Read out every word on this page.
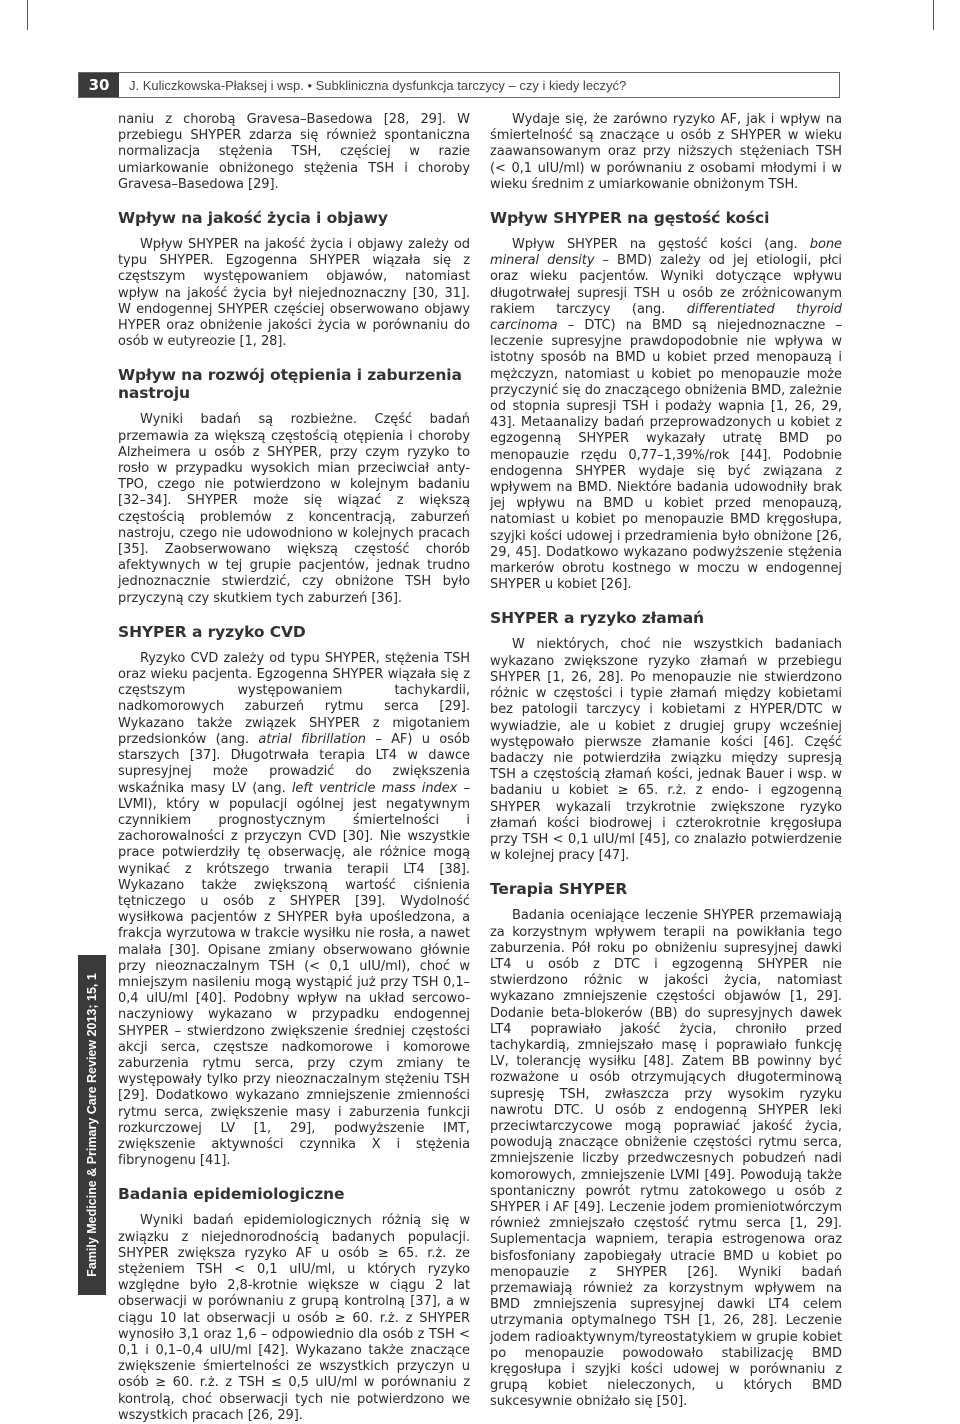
30	J. Kuliczkowska-Płaksej i wsp. • Subkliniczna dysfunkcja tarczycy – czy i kiedy leczyć?
Family Medicine & Primary Care Review 2013; 15, 1

naniu z chorobą Gravesa–Basedowa [28, 29]. W przebiegu SHYPER zdarza się również spontaniczna normalizacja stężenia TSH, częściej w razie umiarkowanie obniżonego stężenia TSH i choroby Gravesa–Basedowa [29].

Wpływ na jakość życia i objawy

Wpływ SHYPER na jakość życia i objawy zależy od typu SHYPER. Egzogenna SHYPER wiązała się z częstszym występowaniem objawów, natomiast wpływ na jakość życia był niejednoznaczny [30, 31]. W endogennej SHYPER częściej obserwowano objawy HYPER oraz obniżenie jakości życia w porównaniu do osób w eutyreozie [1, 28].

Wpływ na rozwój otępienia i zaburzenia nastroju

Wyniki badań są rozbieżne. Część badań przemawia za większą częstością otępienia i choroby Alzheimera u osób z SHYPER, przy czym ryzyko to rosło w przypadku wysokich mian przeciwciał anty-TPO, czego nie potwierdzono w kolejnym badaniu [32–34]. SHYPER może się wiązać z większą częstością problemów z koncentracją, zaburzeń nastroju, czego nie udowodniono w kolejnych pracach [35]. Zaobserwowano większą częstość chorób afektywnych w tej grupie pacjentów, jednak trudno jednoznacznie stwierdzić, czy obniżone TSH było przyczyną czy skutkiem tych zaburzeń [36].

SHYPER a ryzyko CVD

Ryzyko CVD zależy od typu SHYPER, stężenia TSH oraz wieku pacjenta. Egzogenna SHYPER wiązała się z częstszym występowaniem tachykardii, nadkomorowych zaburzeń rytmu serca [29]. Wykazano także związek SHYPER z migotaniem przedsionków (ang. atrial fibrillation – AF) u osób starszych [37]. Długotrwała terapia LT4 w dawce supresyjnej może prowadzić do zwiększenia wskaźnika masy LV (ang. left ventricle mass index – LVMI), który w populacji ogólnej jest negatywnym czynnikiem prognostycznym śmiertelności i zachorowalności z przyczyn CVD [30]. Nie wszystkie prace potwierdziły tę obserwację, ale różnice mogą wynikać z krótszego trwania terapii LT4 [38]. Wykazano także zwiększoną wartość ciśnienia tętniczego u osób z SHYPER [39]. Wydolność wysiłkowa pacjentów z SHYPER była upośledzona, a frakcja wyrzutowa w trakcie wysiłku nie rosła, a nawet malała [30]. Opisane zmiany obserwowano głównie przy nieoznaczalnym TSH (< 0,1 uIU/ml), choć w mniejszym nasileniu mogą wystąpić już przy TSH 0,1–0,4 uIU/ml [40]. Podobny wpływ na układ sercowo-naczyniowy wykazano w przypadku endogennej SHYPER – stwierdzono zwiększenie średniej częstości akcji serca, częstsze nadkomorowe i komorowe zaburzenia rytmu serca, przy czym zmiany te występowały tylko przy nieoznaczalnym stężeniu TSH [29]. Dodatkowo wykazano zmniejszenie zmienności rytmu serca, zwiększenie masy i zaburzenia funkcji rozkurczowej LV [1, 29], podwyższenie IMT, zwiększenie aktywności czynnika X i stężenia fibrynogenu [41].

Badania epidemiologiczne

Wyniki badań epidemiologicznych różnią się w związku z niejednorodnością badanych populacji. SHYPER zwiększa ryzyko AF u osób ≥ 65. r.ż. ze stężeniem TSH < 0,1 uIU/ml, u których ryzyko względne było 2,8-krotnie większe w ciągu 2 lat obserwacji w porównaniu z grupą kontrolną [37], a w ciągu 10 lat obserwacji u osób ≥ 60. r.ż. z SHYPER wynosiło 3,1 oraz 1,6 – odpowiednio dla osób z TSH < 0,1 i 0,1–0,4 uIU/ml [42]. Wykazano także znaczące zwiększenie śmiertelności ze wszystkich przyczyn u osób ≥ 60. r.ż. z TSH ≤ 0,5 uIU/ml w porównaniu z kontrolą, choć obserwacji tych nie potwierdzono we wszystkich pracach [26, 29].

Wydaje się, że zarówno ryzyko AF, jak i wpływ na śmiertelność są znaczące u osób z SHYPER w wieku zaawansowanym oraz przy niższych stężeniach TSH (< 0,1 uIU/ml) w porównaniu z osobami młodymi i w wieku średnim z umiarkowanie obniżonym TSH.

Wpływ SHYPER na gęstość kości

Wpływ SHYPER na gęstość kości (ang. bone mineral density – BMD) zależy od jej etiologii, płci oraz wieku pacjentów. Wyniki dotyczące wpływu długotrwałej supresji TSH u osób ze zróżnicowanym rakiem tarczycy (ang. differentiated thyroid carcinoma – DTC) na BMD są niejednoznaczne – leczenie supresyjne prawdopodobnie nie wpływa w istotny sposób na BMD u kobiet przed menopauzą i mężczyzn, natomiast u kobiet po menopauzie może przyczynić się do znaczącego obniżenia BMD, zależnie od stopnia supresji TSH i podaży wapnia [1, 26, 29, 43]. Metaanalizy badań przeprowadzonych u kobiet z egzogenną SHYPER wykazały utratę BMD po menopauzie rzędu 0,77–1,39%/rok [44]. Podobnie endogenna SHYPER wydaje się być związana z wpływem na BMD. Niektóre badania udowodniły brak jej wpływu na BMD u kobiet przed menopauzą, natomiast u kobiet po menopauzie BMD kręgosłupa, szyjki kości udowej i przedramienia było obniżone [26, 29, 45]. Dodatkowo wykazano podwyższenie stężenia markerów obrotu kostnego w moczu w endogennej SHYPER u kobiet [26].

SHYPER a ryzyko złamań

W niektórych, choć nie wszystkich badaniach wykazano zwiększone ryzyko złamań w przebiegu SHYPER [1, 26, 28]. Po menopauzie nie stwierdzono różnic w częstości i typie złamań między kobietami bez patologii tarczycy i kobietami z HYPER/DTC w wywiadzie, ale u kobiet z drugiej grupy wcześniej występowało pierwsze złamanie kości [46]. Część badaczy nie potwierdziła związku między supresją TSH a częstością złamań kości, jednak Bauer i wsp. w badaniu u kobiet ≥ 65. r.ż. z endo- i egzogenną SHYPER wykazali trzykrotnie zwiększone ryzyko złamań kości biodrowej i czterokrotnie kręgosłupa przy TSH < 0,1 uIU/ml [45], co znalazło potwierdzenie w kolejnej pracy [47].

Terapia SHYPER

Badania oceniające leczenie SHYPER przemawiają za korzystnym wpływem terapii na powikłania tego zaburzenia. Pół roku po obniżeniu supresyjnej dawki LT4 u osób z DTC i egzogenną SHYPER nie stwierdzono różnic w jakości życia, natomiast wykazano zmniejszenie częstości objawów [1, 29]. Dodanie beta-blokerów (BB) do supresyjnych dawek LT4 poprawiało jakość życia, chroniło przed tachykardią, zmniejszało masę i poprawiało funkcję LV, tolerancję wysiłku [48]. Zatem BB powinny być rozważone u osób otrzymujących długoterminową supresję TSH, zwłaszcza przy wysokim ryzyku nawrotu DTC. U osób z endogenną SHYPER leki przeciwtarczycowe mogą poprawiać jakość życia, powodują znaczące obniżenie częstości rytmu serca, zmniejszenie liczby przedwczesnych pobudzeń nadi komorowych, zmniejszenie LVMI [49]. Powodują także spontaniczny powrót rytmu zatokowego u osób z SHYPER i AF [49]. Leczenie jodem promieniotwórczym również zmniejszało częstość rytmu serca [1, 29]. Suplementacja wapniem, terapia estrogenowa oraz bisfosfoniany zapobiegały utracie BMD u kobiet po menopauzie z SHYPER [26]. Wyniki badań przemawiają również za korzystnym wpływem na BMD zmniejszenia supresyjnej dawki LT4 celem utrzymania optymalnego TSH [1, 26, 28]. Leczenie jodem radioaktywnym/tyreostatykiem w grupie kobiet po menopauzie powodowało stabilizację BMD kręgosłupa i szyjki kości udowej w porównaniu z grupą kobiet nieleczonych, u których BMD sukcesywnie obniżało się [50].
